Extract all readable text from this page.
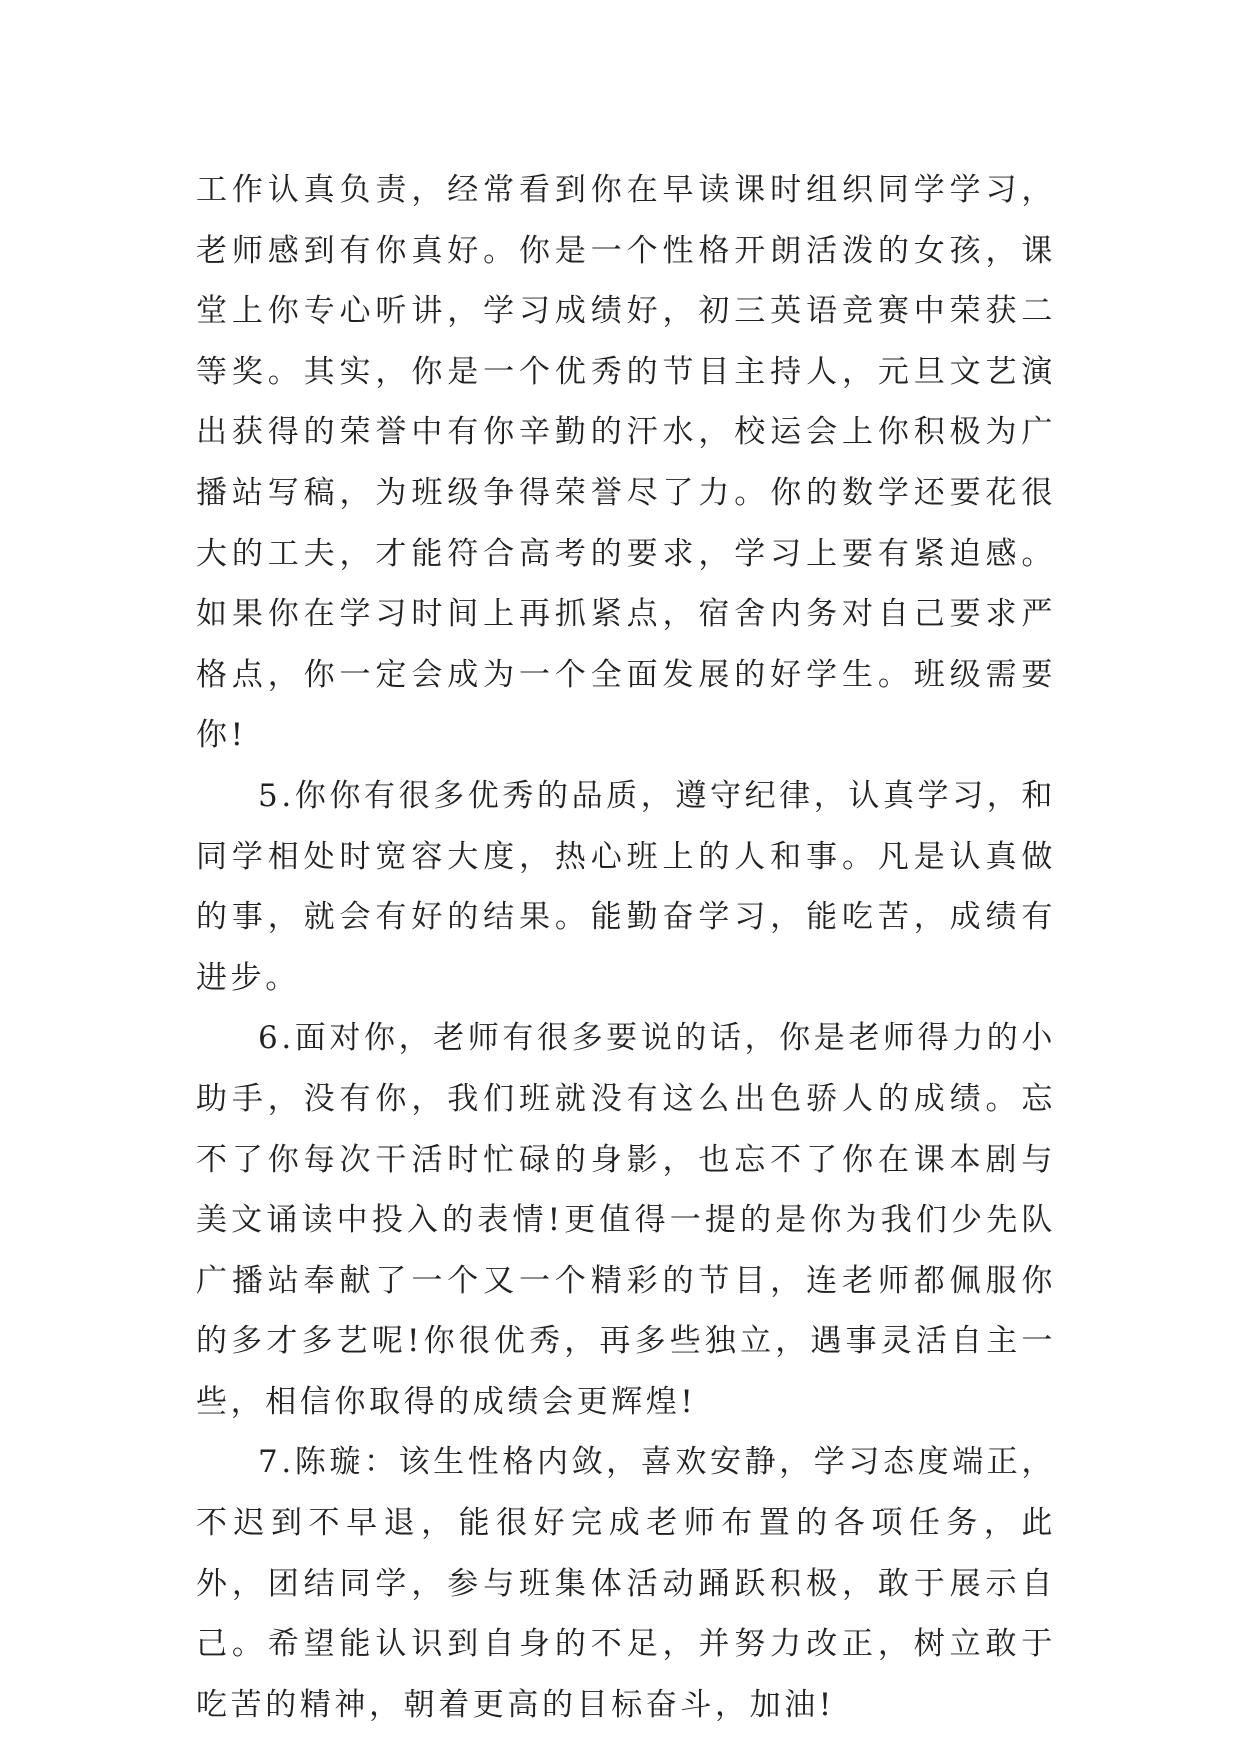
工作认真负责，经常看到你在早读课时组织同学学习，老师感到有你真好。你是一个性格开朗活泼的女孩，课堂上你专心听讲，学习成绩好，初三英语竞赛中荣获二等奖。其实，你是一个优秀的节目主持人，元旦文艺演出获得的荣誉中有你辛勤的汗水，校运会上你积极为广播站写稿，为班级争得荣誉尽了力。你的数学还要花很大的工夫，才能符合高考的要求，学习上要有紧迫感。如果你在学习时间上再抓紧点，宿舍内务对自己要求严格点，你一定会成为一个全面发展的好学生。班级需要你!

5.你你有很多优秀的品质，遵守纪律，认真学习，和同学相处时宽容大度，热心班上的人和事。凡是认真做的事，就会有好的结果。能勤奋学习，能吃苦，成绩有进步。

6.面对你，老师有很多要说的话，你是老师得力的小助手，没有你，我们班就没有这么出色骄人的成绩。忘不了你每次干活时忙碌的身影，也忘不了你在课本剧与美文诵读中投入的表情!更值得一提的是你为我们少先队广播站奉献了一个又一个精彩的节目，连老师都佩服你的多才多艺呢!你很优秀，再多些独立，遇事灵活自主一些，相信你取得的成绩会更辉煌!

7.陈璇：该生性格内敛，喜欢安静，学习态度端正，不迟到不早退，能很好完成老师布置的各项任务，此外，团结同学，参与班集体活动踊跃积极，敢于展示自己。希望能认识到自身的不足，并努力改正，树立敢于吃苦的精神，朝着更高的目标奋斗，加油!
